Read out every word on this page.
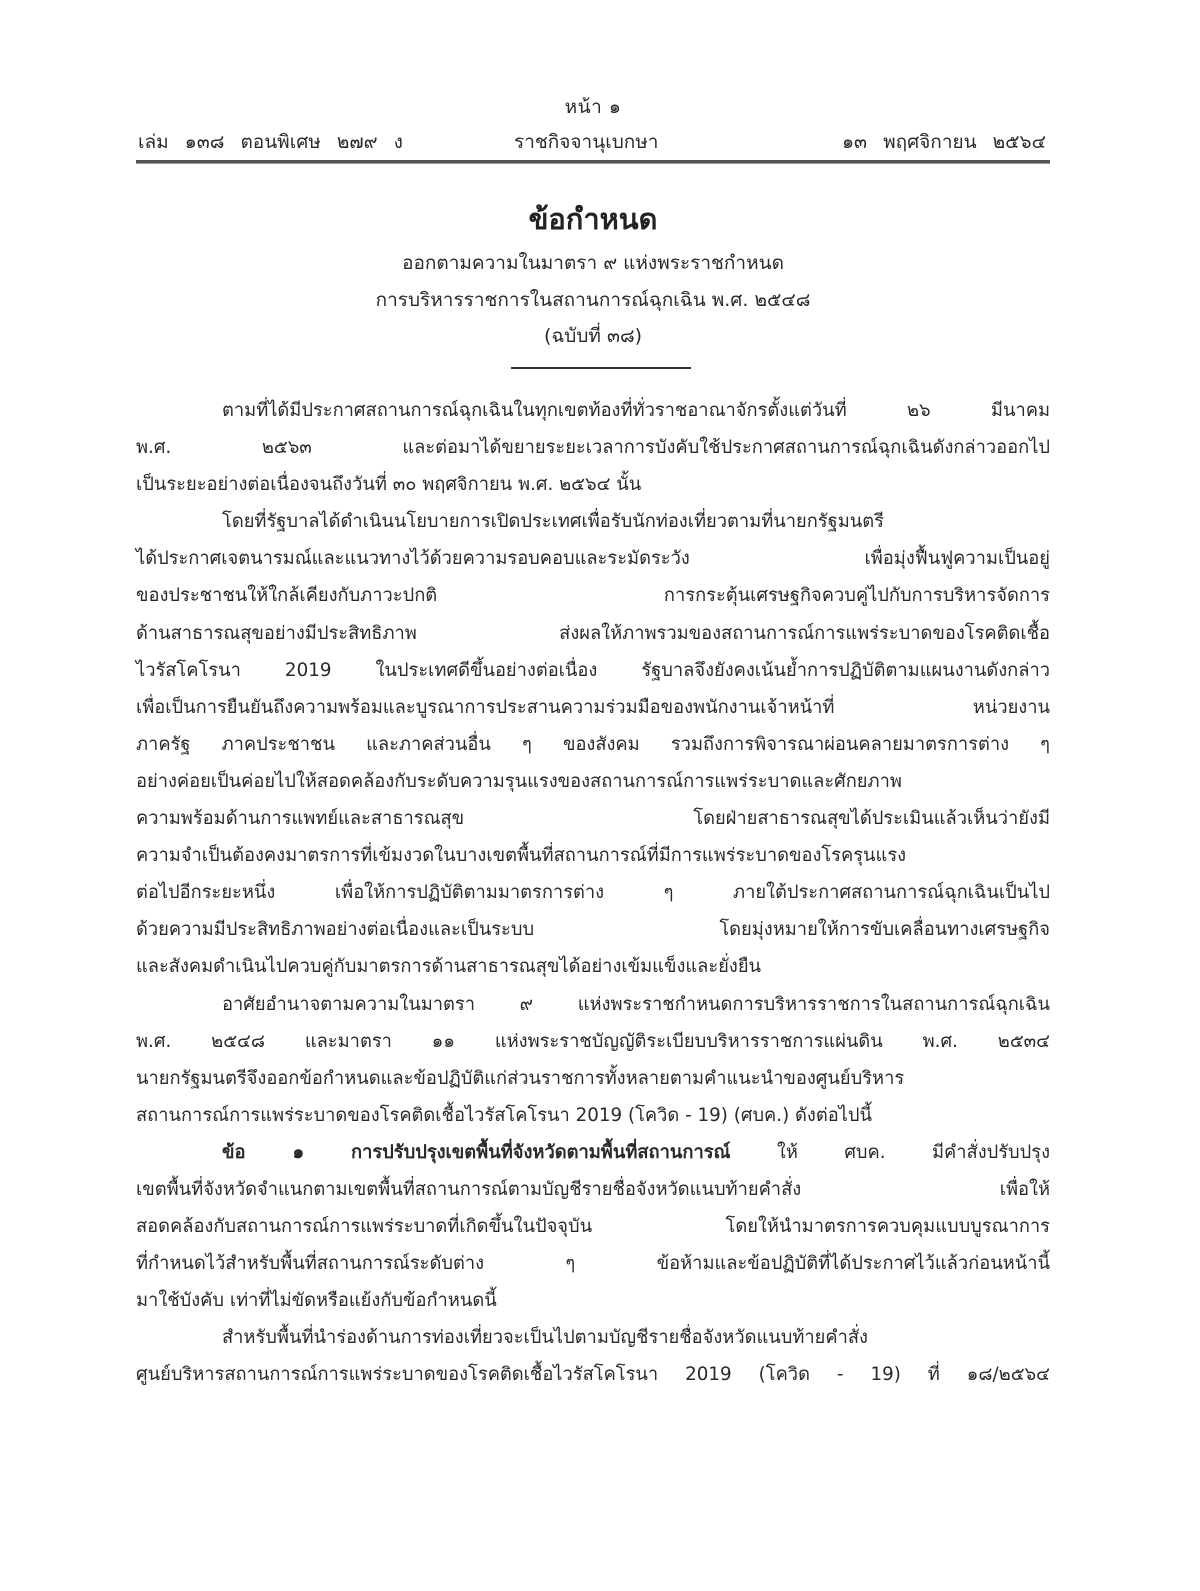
หน้า ๑
เล่ม ๑๓๘ ตอนพิเศษ ๒๗๙ ง	ราชกิจจานุเบกษา	๑๓ พฤศจิกายน ๒๕๖๔
ข้อกำหนด
ออกตามความในมาตรา ๙ แห่งพระราชกำหนด
การบริหารราชการในสถานการณ์ฉุกเฉิน พ.ศ. ๒๕๔๘
(ฉบับที่ ๓๘)
ตามที่ได้มีประกาศสถานการณ์ฉุกเฉินในทุกเขตท้องที่ทั่วราชอาณาจักรตั้งแต่วันที่ ๒๖ มีนาคม
พ.ศ. ๒๕๖๓ และต่อมาได้ขยายระยะเวลาการบังคับใช้ประกาศสถานการณ์ฉุกเฉินดังกล่าวออกไป
เป็นระยะอย่างต่อเนื่องจนถึงวันที่ ๓๐ พฤศจิกายน พ.ศ. ๒๕๖๔ นั้น
โดยที่รัฐบาลได้ดำเนินนโยบายการเปิดประเทศเพื่อรับนักท่องเที่ยวตามที่นายกรัฐมนตรี
ได้ประกาศเจตนารมณ์และแนวทางไว้ด้วยความรอบคอบและระมัดระวัง เพื่อมุ่งฟื้นฟูความเป็นอยู่
ของประชาชนให้ใกล้เคียงกับภาวะปกติ การกระตุ้นเศรษฐกิจควบคู่ไปกับการบริหารจัดการ
ด้านสาธารณสุขอย่างมีประสิทธิภาพ ส่งผลให้ภาพรวมของสถานการณ์การแพร่ระบาดของโรคติดเชื้อ
ไวรัสโคโรนา 2019 ในประเทศดีขึ้นอย่างต่อเนื่อง รัฐบาลจึงยังคงเน้นย้ำการปฏิบัติตามแผนงานดังกล่าว
เพื่อเป็นการยืนยันถึงความพร้อมและบูรณาการประสานความร่วมมือของพนักงานเจ้าหน้าที่ หน่วยงาน
ภาครัฐ ภาคประชาชน และภาคส่วนอื่น ๆ ของสังคม รวมถึงการพิจารณาผ่อนคลายมาตรการต่าง ๆ
อย่างค่อยเป็นค่อยไปให้สอดคล้องกับระดับความรุนแรงของสถานการณ์การแพร่ระบาดและศักยภาพ
ความพร้อมด้านการแพทย์และสาธารณสุข โดยฝ่ายสาธารณสุขได้ประเมินแล้วเห็นว่ายังมี
ความจำเป็นต้องคงมาตรการที่เข้มงวดในบางเขตพื้นที่สถานการณ์ที่มีการแพร่ระบาดของโรครุนแรง
ต่อไปอีกระยะหนึ่ง เพื่อให้การปฏิบัติตามมาตรการต่าง ๆ ภายใต้ประกาศสถานการณ์ฉุกเฉินเป็นไป
ด้วยความมีประสิทธิภาพอย่างต่อเนื่องและเป็นระบบ โดยมุ่งหมายให้การขับเคลื่อนทางเศรษฐกิจ
และสังคมดำเนินไปควบคู่กับมาตรการด้านสาธารณสุขได้อย่างเข้มแข็งและยั่งยืน
อาศัยอำนาจตามความในมาตรา ๙ แห่งพระราชกำหนดการบริหารราชการในสถานการณ์ฉุกเฉิน
พ.ศ. ๒๕๔๘ และมาตรา ๑๑ แห่งพระราชบัญญัติระเบียบบริหารราชการแผ่นดิน พ.ศ. ๒๕๓๔
นายกรัฐมนตรีจึงออกข้อกำหนดและข้อปฏิบัติแก่ส่วนราชการทั้งหลายตามคำแนะนำของศูนย์บริหาร
สถานการณ์การแพร่ระบาดของโรคติดเชื้อไวรัสโคโรนา 2019 (โควิด - 19) (ศบค.) ดังต่อไปนี้
ข้อ ๑ การปรับปรุงเขตพื้นที่จังหวัดตามพื้นที่สถานการณ์ ให้ ศบค. มีคำสั่งปรับปรุง
เขตพื้นที่จังหวัดจำแนกตามเขตพื้นที่สถานการณ์ตามบัญชีรายชื่อจังหวัดแนบท้ายคำสั่ง เพื่อให้
สอดคล้องกับสถานการณ์การแพร่ระบาดที่เกิดขึ้นในปัจจุบัน โดยให้นำมาตรการควบคุมแบบบูรณาการ
ที่กำหนดไว้สำหรับพื้นที่สถานการณ์ระดับต่าง ๆ ข้อห้ามและข้อปฏิบัติที่ได้ประกาศไว้แล้วก่อนหน้านี้
มาใช้บังคับ เท่าที่ไม่ขัดหรือแย้งกับข้อกำหนดนี้
สำหรับพื้นที่นำร่องด้านการท่องเที่ยวจะเป็นไปตามบัญชีรายชื่อจังหวัดแนบท้ายคำสั่ง
ศูนย์บริหารสถานการณ์การแพร่ระบาดของโรคติดเชื้อไวรัสโคโรนา 2019 (โควิด - 19) ที่ ๑๘/๒๕๖๔
